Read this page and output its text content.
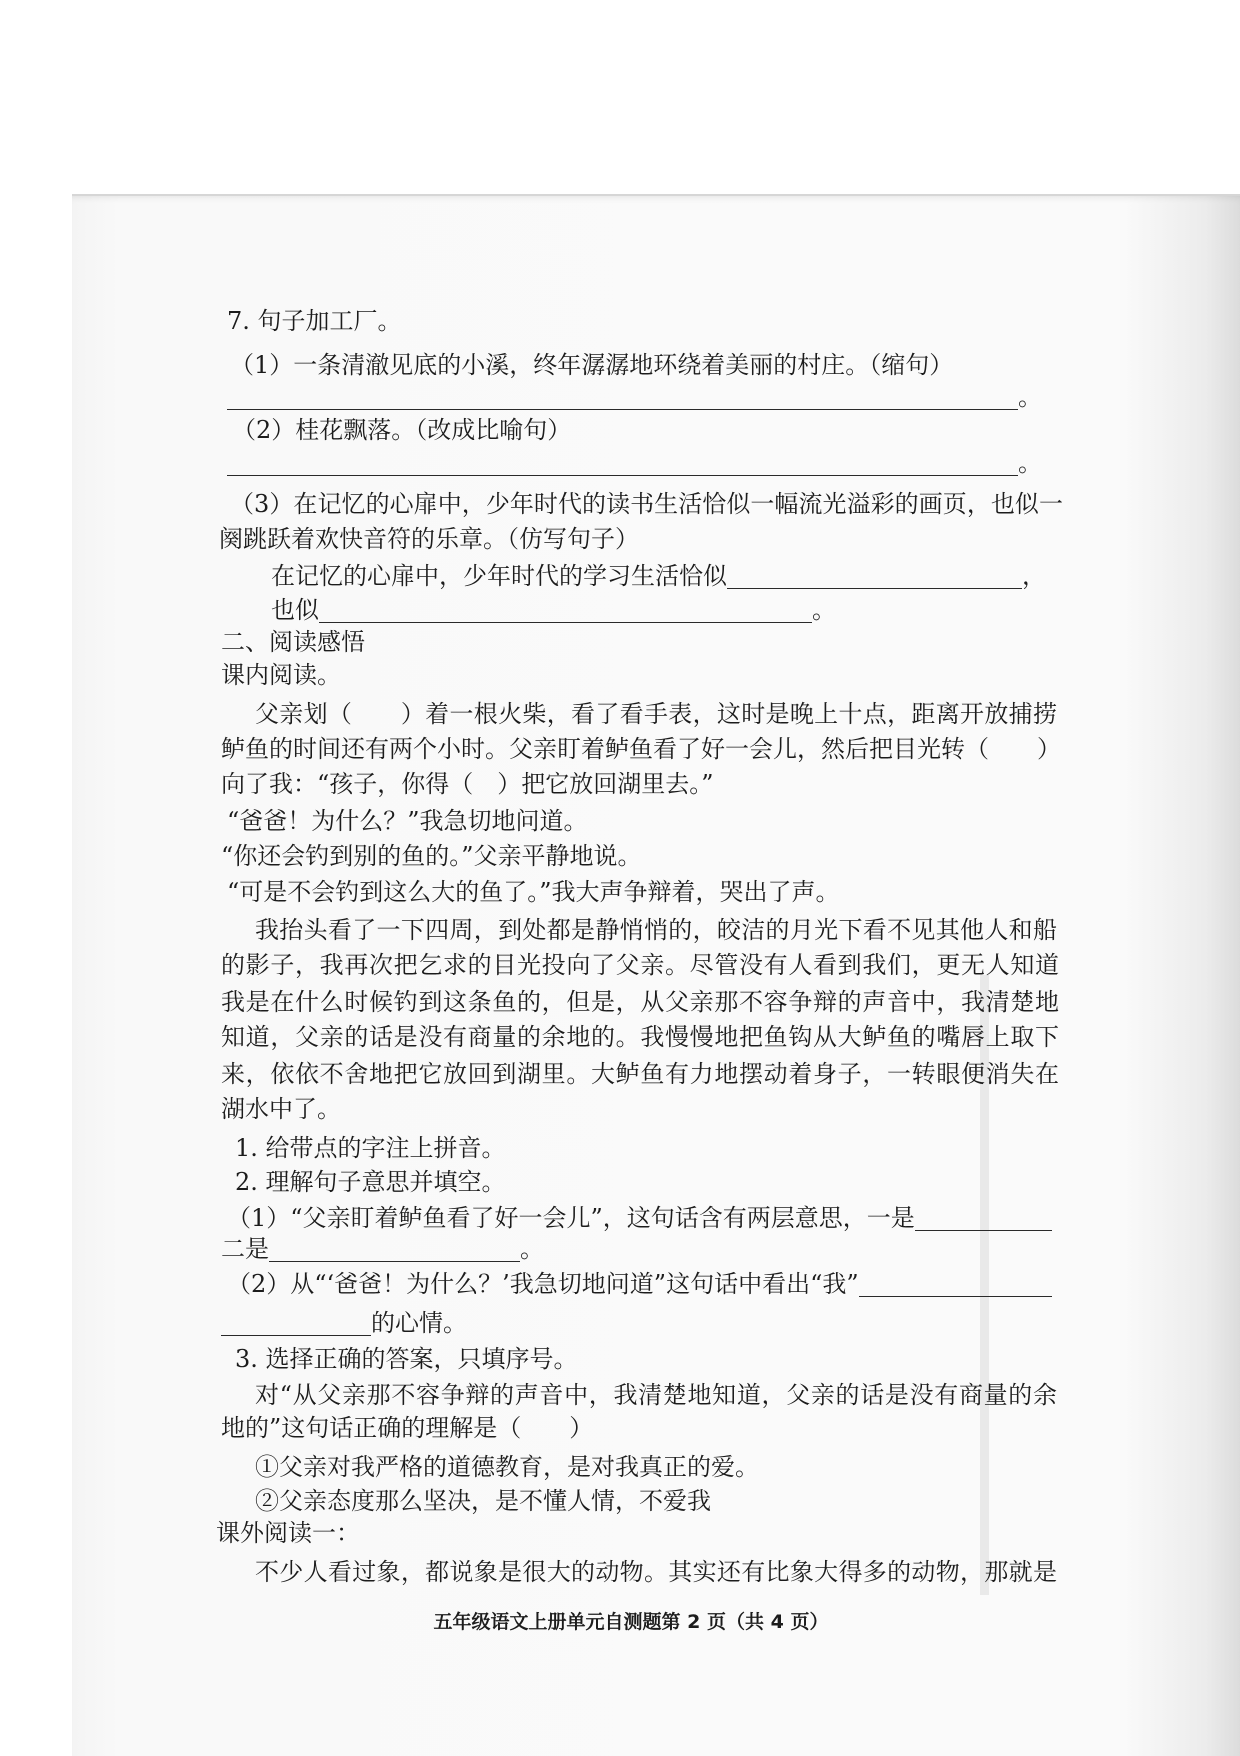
7. 句子加工厂。
（1）一条清澈见底的小溪，终年潺潺地环绕着美丽的村庄。（缩句）
。
（2）桂花飘落。（改成比喻句）
。
（3）在记忆的心扉中，少年时代的读书生活恰似一幅流光溢彩的画页，也似一
阕跳跃着欢快音符的乐章。（仿写句子）
在记忆的心扉中，少年时代的学习生活恰似	，
也似	。
二、阅读感悟
课内阅读。
父亲划（　　）着一根火柴，看了看手表，这时是晚上十点，距离开放捕捞
鲈鱼的时间还有两个小时。父亲盯着鲈鱼看了好一会儿，然后把目光转（　　）
向了我：“孩子，你得（　）把它放回湖里去。”
“爸爸！为什么？”我急切地问道。
“你还会钓到别的鱼的。”父亲平静地说。
“可是不会钓到这么大的鱼了。”我大声争辩着，哭出了声。
我抬头看了一下四周，到处都是静悄悄的，皎洁的月光下看不见其他人和船
的影子，我再次把乞求的目光投向了父亲。尽管没有人看到我们，更无人知道
我是在什么时候钓到这条鱼的，但是，从父亲那不容争辩的声音中，我清楚地
知道，父亲的话是没有商量的余地的。我慢慢地把鱼钩从大鲈鱼的嘴唇上取下
来，依依不舍地把它放回到湖里。大鲈鱼有力地摆动着身子，一转眼便消失在
湖水中了。
1. 给带点的字注上拼音。
2. 理解句子意思并填空。
（1）“父亲盯着鲈鱼看了好一会儿”，这句话含有两层意思，一是
二是	。
（2）从“‘爸爸！为什么？’我急切地问道”这句话中看出“我”
的心情。
3. 选择正确的答案，只填序号。
对“从父亲那不容争辩的声音中，我清楚地知道，父亲的话是没有商量的余
地的”这句话正确的理解是（　　）
①父亲对我严格的道德教育，是对我真正的爱。
②父亲态度那么坚决，是不懂人情，不爱我
课外阅读一：
不少人看过象，都说象是很大的动物。其实还有比象大得多的动物，那就是
五年级语文上册单元自测题第 2 页（共 4 页）
